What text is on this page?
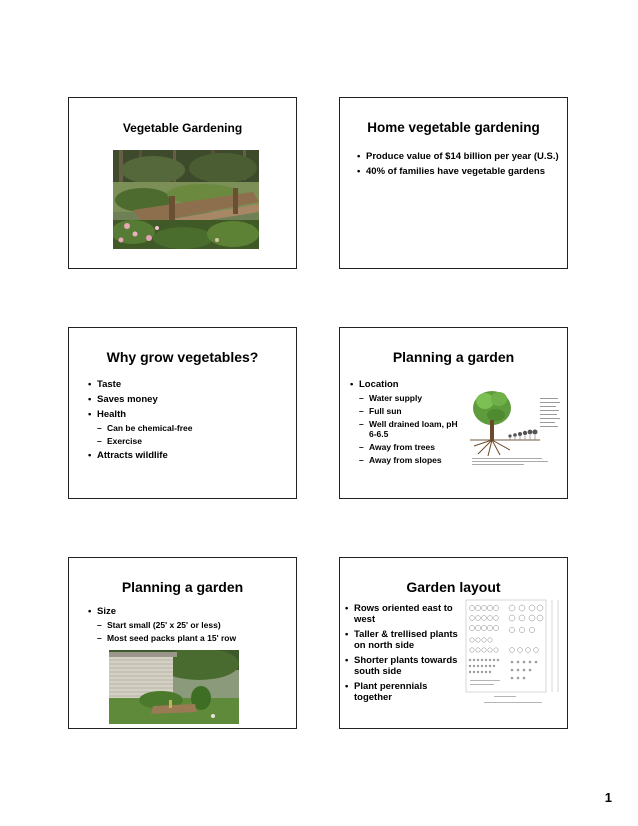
Vegetable Gardening	Home vegetable gardening
• Produce value of $14 billion per year (U.S.)
• 40% of families have vegetable gardens
Why grow vegetables?
• Taste
• Saves money
• Health
– Can be chemical-free
– Exercise
• Attracts wildlife
Planning a garden
• Location
– Water supply
– Full sun
– Well drained loam, pH 6-6.5
– Away from trees
– Away from slopes
Planning a garden
• Size
– Start small (25' x 25' or less)
– Most seed packs plant a 15' row
Garden layout
• Rows oriented east to west
• Taller & trellised plants on north side
• Shorter plants towards south side
• Plant perennials together
1
